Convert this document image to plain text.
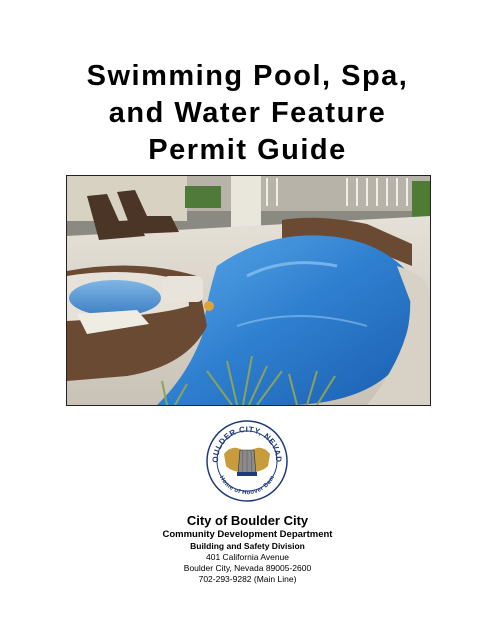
Swimming Pool, Spa,
and Water Feature
Permit Guide
OULDER CITY, NEVAD
Home of Hoover Dam
City of Boulder City
Community Development Department
Building and Safety Division
401 California Avenue
Boulder City, Nevada 89005-2600
702-293-9282 (Main Line)
